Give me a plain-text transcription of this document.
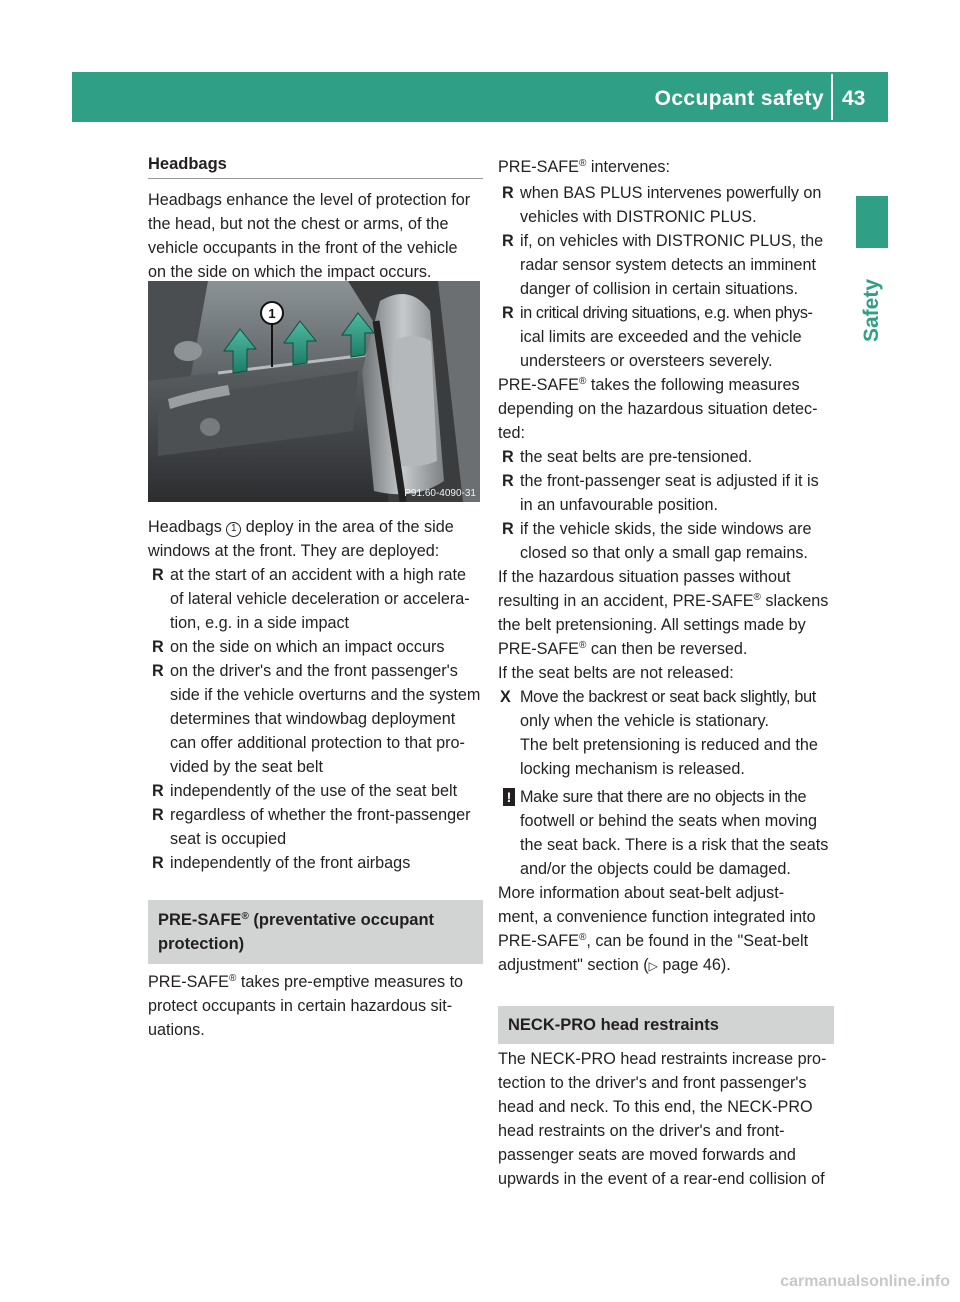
Occupant safety 43
Safety
Headbags
Headbags enhance the level of protection for
the head, but not the chest or arms, of the
vehicle occupants in the front of the vehicle
on the side on which the impact occurs.
Headbags 1 deploy in the area of the side
windows at the front. They are deployed:
R at the start of an accident with a high rate
of lateral vehicle deceleration or accelera-
tion, e.g. in a side impact
R on the side on which an impact occurs
R on the driver's and the front passenger's
side if the vehicle overturns and the system
determines that windowbag deployment
can offer additional protection to that pro-
vided by the seat belt
R independently of the use of the seat belt
R regardless of whether the front-passenger
seat is occupied
R independently of the front airbags
PRE-SAFE® (preventative occupant
protection)
PRE-SAFE® takes pre-emptive measures to
protect occupants in certain hazardous sit-
uations.
1
P91.60-4090-31
PRE-SAFE® intervenes:
R when BAS PLUS intervenes powerfully on
vehicles with DISTRONIC PLUS.
R if, on vehicles with DISTRONIC PLUS, the
radar sensor system detects an imminent
danger of collision in certain situations.
R in critical driving situations, e.g. when phys-
ical limits are exceeded and the vehicle
understeers or oversteers severely.
PRE-SAFE® takes the following measures
depending on the hazardous situation detec-
ted:
R the seat belts are pre-tensioned.
R the front-passenger seat is adjusted if it is
in an unfavourable position.
R if the vehicle skids, the side windows are
closed so that only a small gap remains.
If the hazardous situation passes without
resulting in an accident, PRE-SAFE® slackens
the belt pretensioning. All settings made by
PRE-SAFE® can then be reversed.
If the seat belts are not released:
X Move the backrest or seat back slightly, but
only when the vehicle is stationary.
The belt pretensioning is reduced and the
locking mechanism is released.
! Make sure that there are no objects in the
footwell or behind the seats when moving
the seat back. There is a risk that the seats
and/or the objects could be damaged.
More information about seat-belt adjust-
ment, a convenience function integrated into
PRE-SAFE®, can be found in the "Seat-belt
adjustment" section (▷ page 46).
NECK-PRO head restraints
The NECK-PRO head restraints increase pro-
tection to the driver's and front passenger's
head and neck. To this end, the NECK-PRO
head restraints on the driver's and front-
passenger seats are moved forwards and
upwards in the event of a rear-end collision of
carmanualsonline.info
